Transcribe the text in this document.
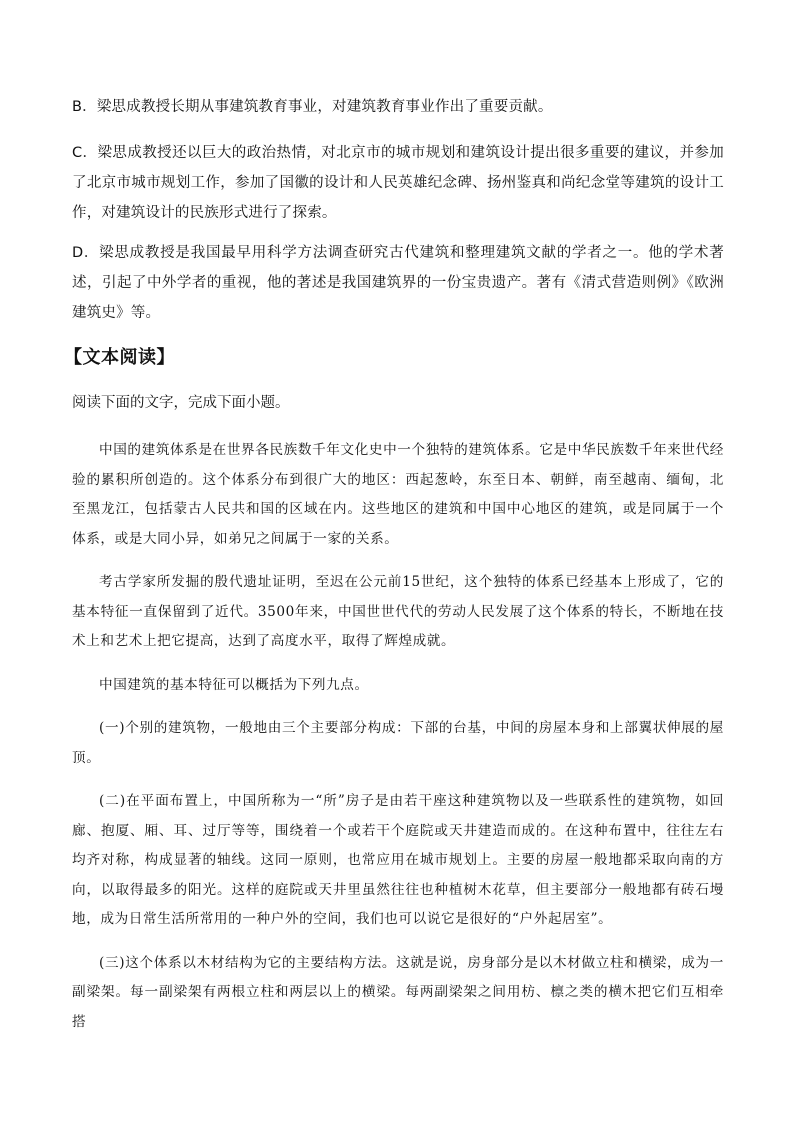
B．梁思成教授长期从事建筑教育事业，对建筑教育事业作出了重要贡献。

C．梁思成教授还以巨大的政治热情，对北京市的城市规划和建筑设计提出很多重要的建议，并参加了北京市城市规划工作，参加了国徽的设计和人民英雄纪念碑、扬州鉴真和尚纪念堂等建筑的设计工作，对建筑设计的民族形式进行了探索。

D．梁思成教授是我国最早用科学方法调查研究古代建筑和整理建筑文献的学者之一。他的学术著述，引起了中外学者的重视，他的著述是我国建筑界的一份宝贵遗产。著有《清式营造则例》《欧洲建筑史》等。

【文本阅读】

阅读下面的文字，完成下面小题。

中国的建筑体系是在世界各民族数千年文化史中一个独特的建筑体系。它是中华民族数千年来世代经验的累积所创造的。这个体系分布到很广大的地区：西起葱岭，东至日本、朝鲜，南至越南、缅甸，北至黑龙江，包括蒙古人民共和国的区域在内。这些地区的建筑和中国中心地区的建筑，或是同属于一个体系，或是大同小异，如弟兄之间属于一家的关系。

考古学家所发掘的殷代遗址证明，至迟在公元前15世纪，这个独特的体系已经基本上形成了，它的基本特征一直保留到了近代。3500年来，中国世世代代的劳动人民发展了这个体系的特长，不断地在技术上和艺术上把它提高，达到了高度水平，取得了辉煌成就。

中国建筑的基本特征可以概括为下列九点。

(一)个别的建筑物，一般地由三个主要部分构成：下部的台基，中间的房屋本身和上部翼状伸展的屋顶。

(二)在平面布置上，中国所称为一“所”房子是由若干座这种建筑物以及一些联系性的建筑物，如回廊、抱厦、厢、耳、过厅等等，围绕着一个或若干个庭院或天井建造而成的。在这种布置中，往往左右均齐对称，构成显著的轴线。这同一原则，也常应用在城市规划上。主要的房屋一般地都采取向南的方向，以取得最多的阳光。这样的庭院或天井里虽然往往也种植树木花草，但主要部分一般地都有砖石墁地，成为日常生活所常用的一种户外的空间，我们也可以说它是很好的“户外起居室”。

(三)这个体系以木材结构为它的主要结构方法。这就是说，房身部分是以木材做立柱和横梁，成为一副梁架。每一副梁架有两根立柱和两层以上的横梁。每两副梁架之间用枋、檩之类的横木把它们互相牵搭
